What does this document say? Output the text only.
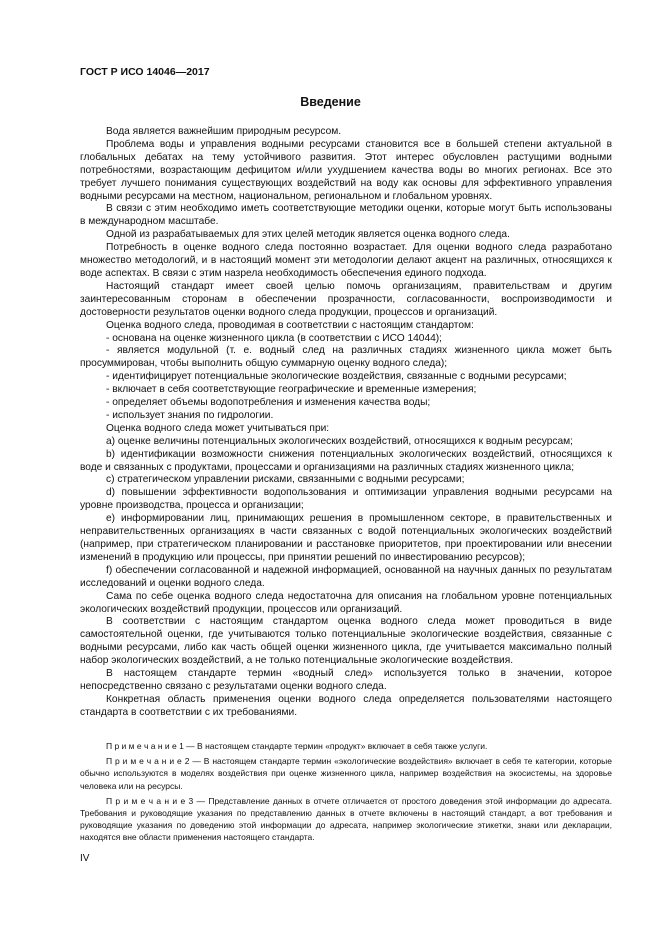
ГОСТ Р ИСО 14046—2017
Введение

Вода является важнейшим природным ресурсом.

Проблема воды и управления водными ресурсами становится все в большей степени актуальной в глобальных дебатах на тему устойчивого развития. Этот интерес обусловлен растущими водными потребностями, возрастающим дефицитом и/или ухудшением качества воды во многих регионах. Все это требует лучшего понимания существующих воздействий на воду как основы для эффективного управления водными ресурсами на местном, национальном, региональном и глобальном уровнях.

В связи с этим необходимо иметь соответствующие методики оценки, которые могут быть использованы в международном масштабе.

Одной из разрабатываемых для этих целей методик является оценка водного следа.

Потребность в оценке водного следа постоянно возрастает. Для оценки водного следа разработано множество методологий, и в настоящий момент эти методологии делают акцент на различных, относящихся к воде аспектах. В связи с этим назрела необходимость обеспечения единого подхода.

Настоящий стандарт имеет своей целью помочь организациям, правительствам и другим заинтересованным сторонам в обеспечении прозрачности, согласованности, воспроизводимости и достоверности результатов оценки водного следа продукции, процессов и организаций.

Оценка водного следа, проводимая в соответствии с настоящим стандартом:

- основана на оценке жизненного цикла (в соответствии с ИСО 14044);

- является модульной (т. е. водный след на различных стадиях жизненного цикла может быть просуммирован, чтобы выполнить общую суммарную оценку водного следа);

- идентифицирует потенциальные экологические воздействия, связанные с водными ресурсами;

- включает в себя соответствующие географические и временные измерения;

- определяет объемы водопотребления и изменения качества воды;

- использует знания по гидрологии.

Оценка водного следа может учитываться при:

a) оценке величины потенциальных экологических воздействий, относящихся к водным ресурсам;

b) идентификации возможности снижения потенциальных экологических воздействий, относящихся к воде и связанных с продуктами, процессами и организациями на различных стадиях жизненного цикла;

c) стратегическом управлении рисками, связанными с водными ресурсами;

d) повышении эффективности водопользования и оптимизации управления водными ресурсами на уровне производства, процесса и организации;

e) информировании лиц, принимающих решения в промышленном секторе, в правительственных и неправительственных организациях в части связанных с водой потенциальных экологических воздействий (например, при стратегическом планировании и расстановке приоритетов, при проектировании или внесении изменений в продукцию или процессы, при принятии решений по инвестированию ресурсов);

f) обеспечении согласованной и надежной информацией, основанной на научных данных по результатам исследований и оценки водного следа.

Сама по себе оценка водного следа недостаточна для описания на глобальном уровне потенциальных экологических воздействий продукции, процессов или организаций.

В соответствии с настоящим стандартом оценка водного следа может проводиться в виде самостоятельной оценки, где учитываются только потенциальные экологические воздействия, связанные с водными ресурсами, либо как часть общей оценки жизненного цикла, где учитывается максимально полный набор экологических воздействий, а не только потенциальные экологические воздействия.

В настоящем стандарте термин «водный след» используется только в значении, которое непосредственно связано с результатами оценки водного следа.

Конкретная область применения оценки водного следа определяется пользователями настоящего стандарта в соответствии с их требованиями.

П р и м е ч а н и е 1 — В настоящем стандарте термин «продукт» включает в себя также услуги.

П р и м е ч а н и е 2 — В настоящем стандарте термин «экологические воздействия» включает в себя те категории, которые обычно используются в моделях воздействия при оценке жизненного цикла, например воздействия на экосистемы, на здоровье человека или на ресурсы.

П р и м е ч а н и е 3 — Представление данных в отчете отличается от простого доведения этой информации до адресата. Требования и руководящие указания по представлению данных в отчете включены в настоящий стандарт, а вот требования и руководящие указания по доведению этой информации до адресата, например экологические этикетки, знаки или декларации, находятся вне области применения настоящего стандарта.

IV
